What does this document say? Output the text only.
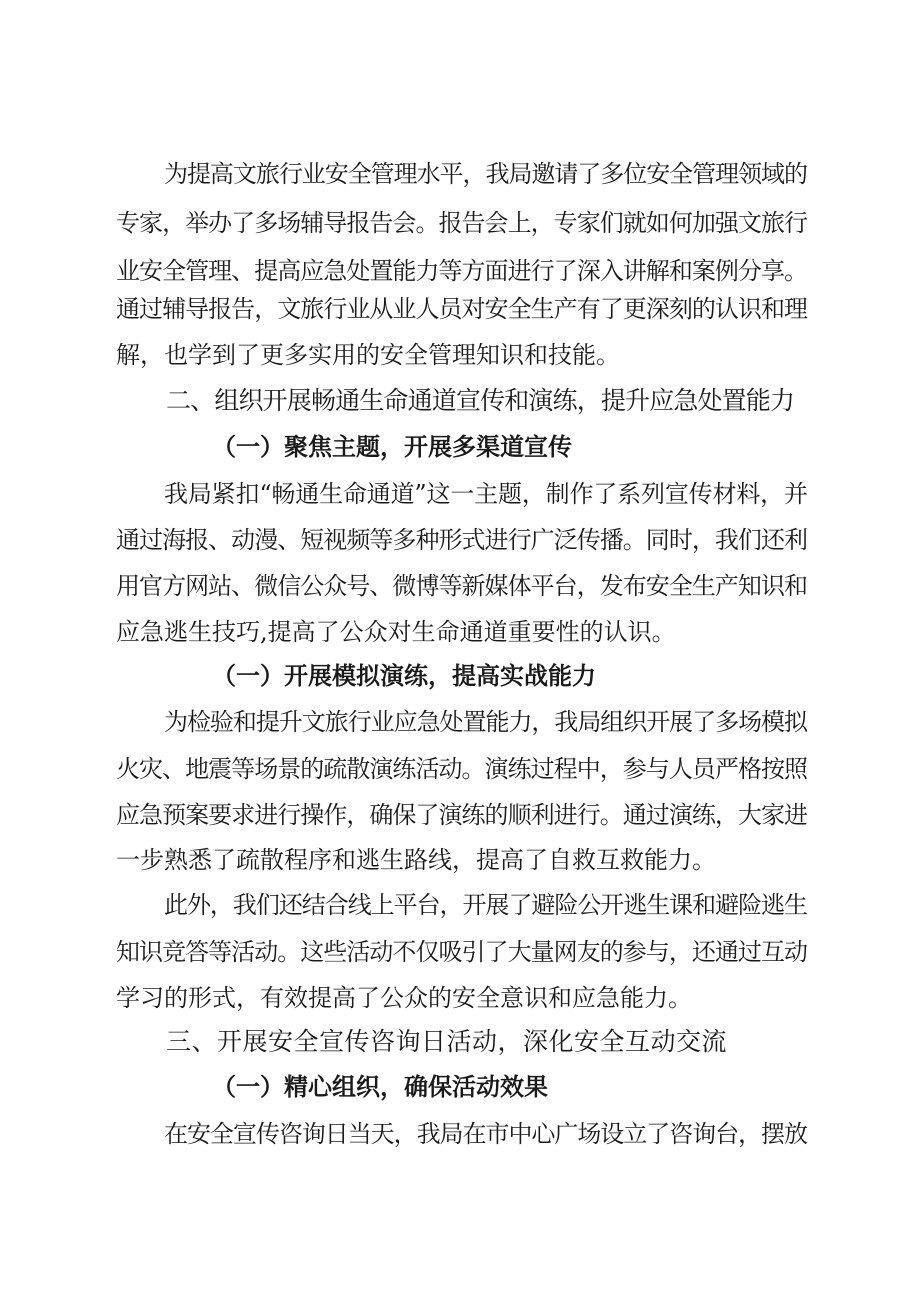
为提高文旅行业安全管理水平，我局邀请了多位安全管理领域的
专家，举办了多场辅导报告会。报告会上，专家们就如何加强文旅行
业安全管理、提高应急处置能力等方面进行了深入讲解和案例分享。
通过辅导报告，文旅行业从业人员对安全生产有了更深刻的认识和理
解，也学到了更多实用的安全管理知识和技能。
二、组织开展畅通生命通道宣传和演练，提升应急处置能力
（一）聚焦主题，开展多渠道宣传
我局紧扣“畅通生命通道”这一主题，制作了系列宣传材料，并
通过海报、动漫、短视频等多种形式进行广泛传播。同时，我们还利
用官方网站、微信公众号、微博等新媒体平台，发布安全生产知识和
应急逃生技巧,提高了公众对生命通道重要性的认识。
（一）开展模拟演练，提高实战能力
为检验和提升文旅行业应急处置能力，我局组织开展了多场模拟
火灾、地震等场景的疏散演练活动。演练过程中，参与人员严格按照
应急预案要求进行操作，确保了演练的顺利进行。通过演练，大家进
一步熟悉了疏散程序和逃生路线，提高了自救互救能力。
此外，我们还结合线上平台，开展了避险公开逃生课和避险逃生
知识竞答等活动。这些活动不仅吸引了大量网友的参与，还通过互动
学习的形式，有效提高了公众的安全意识和应急能力。
三、开展安全宣传咨询日活动，深化安全互动交流
（一）精心组织，确保活动效果
在安全宣传咨询日当天，我局在市中心广场设立了咨询台，摆放
